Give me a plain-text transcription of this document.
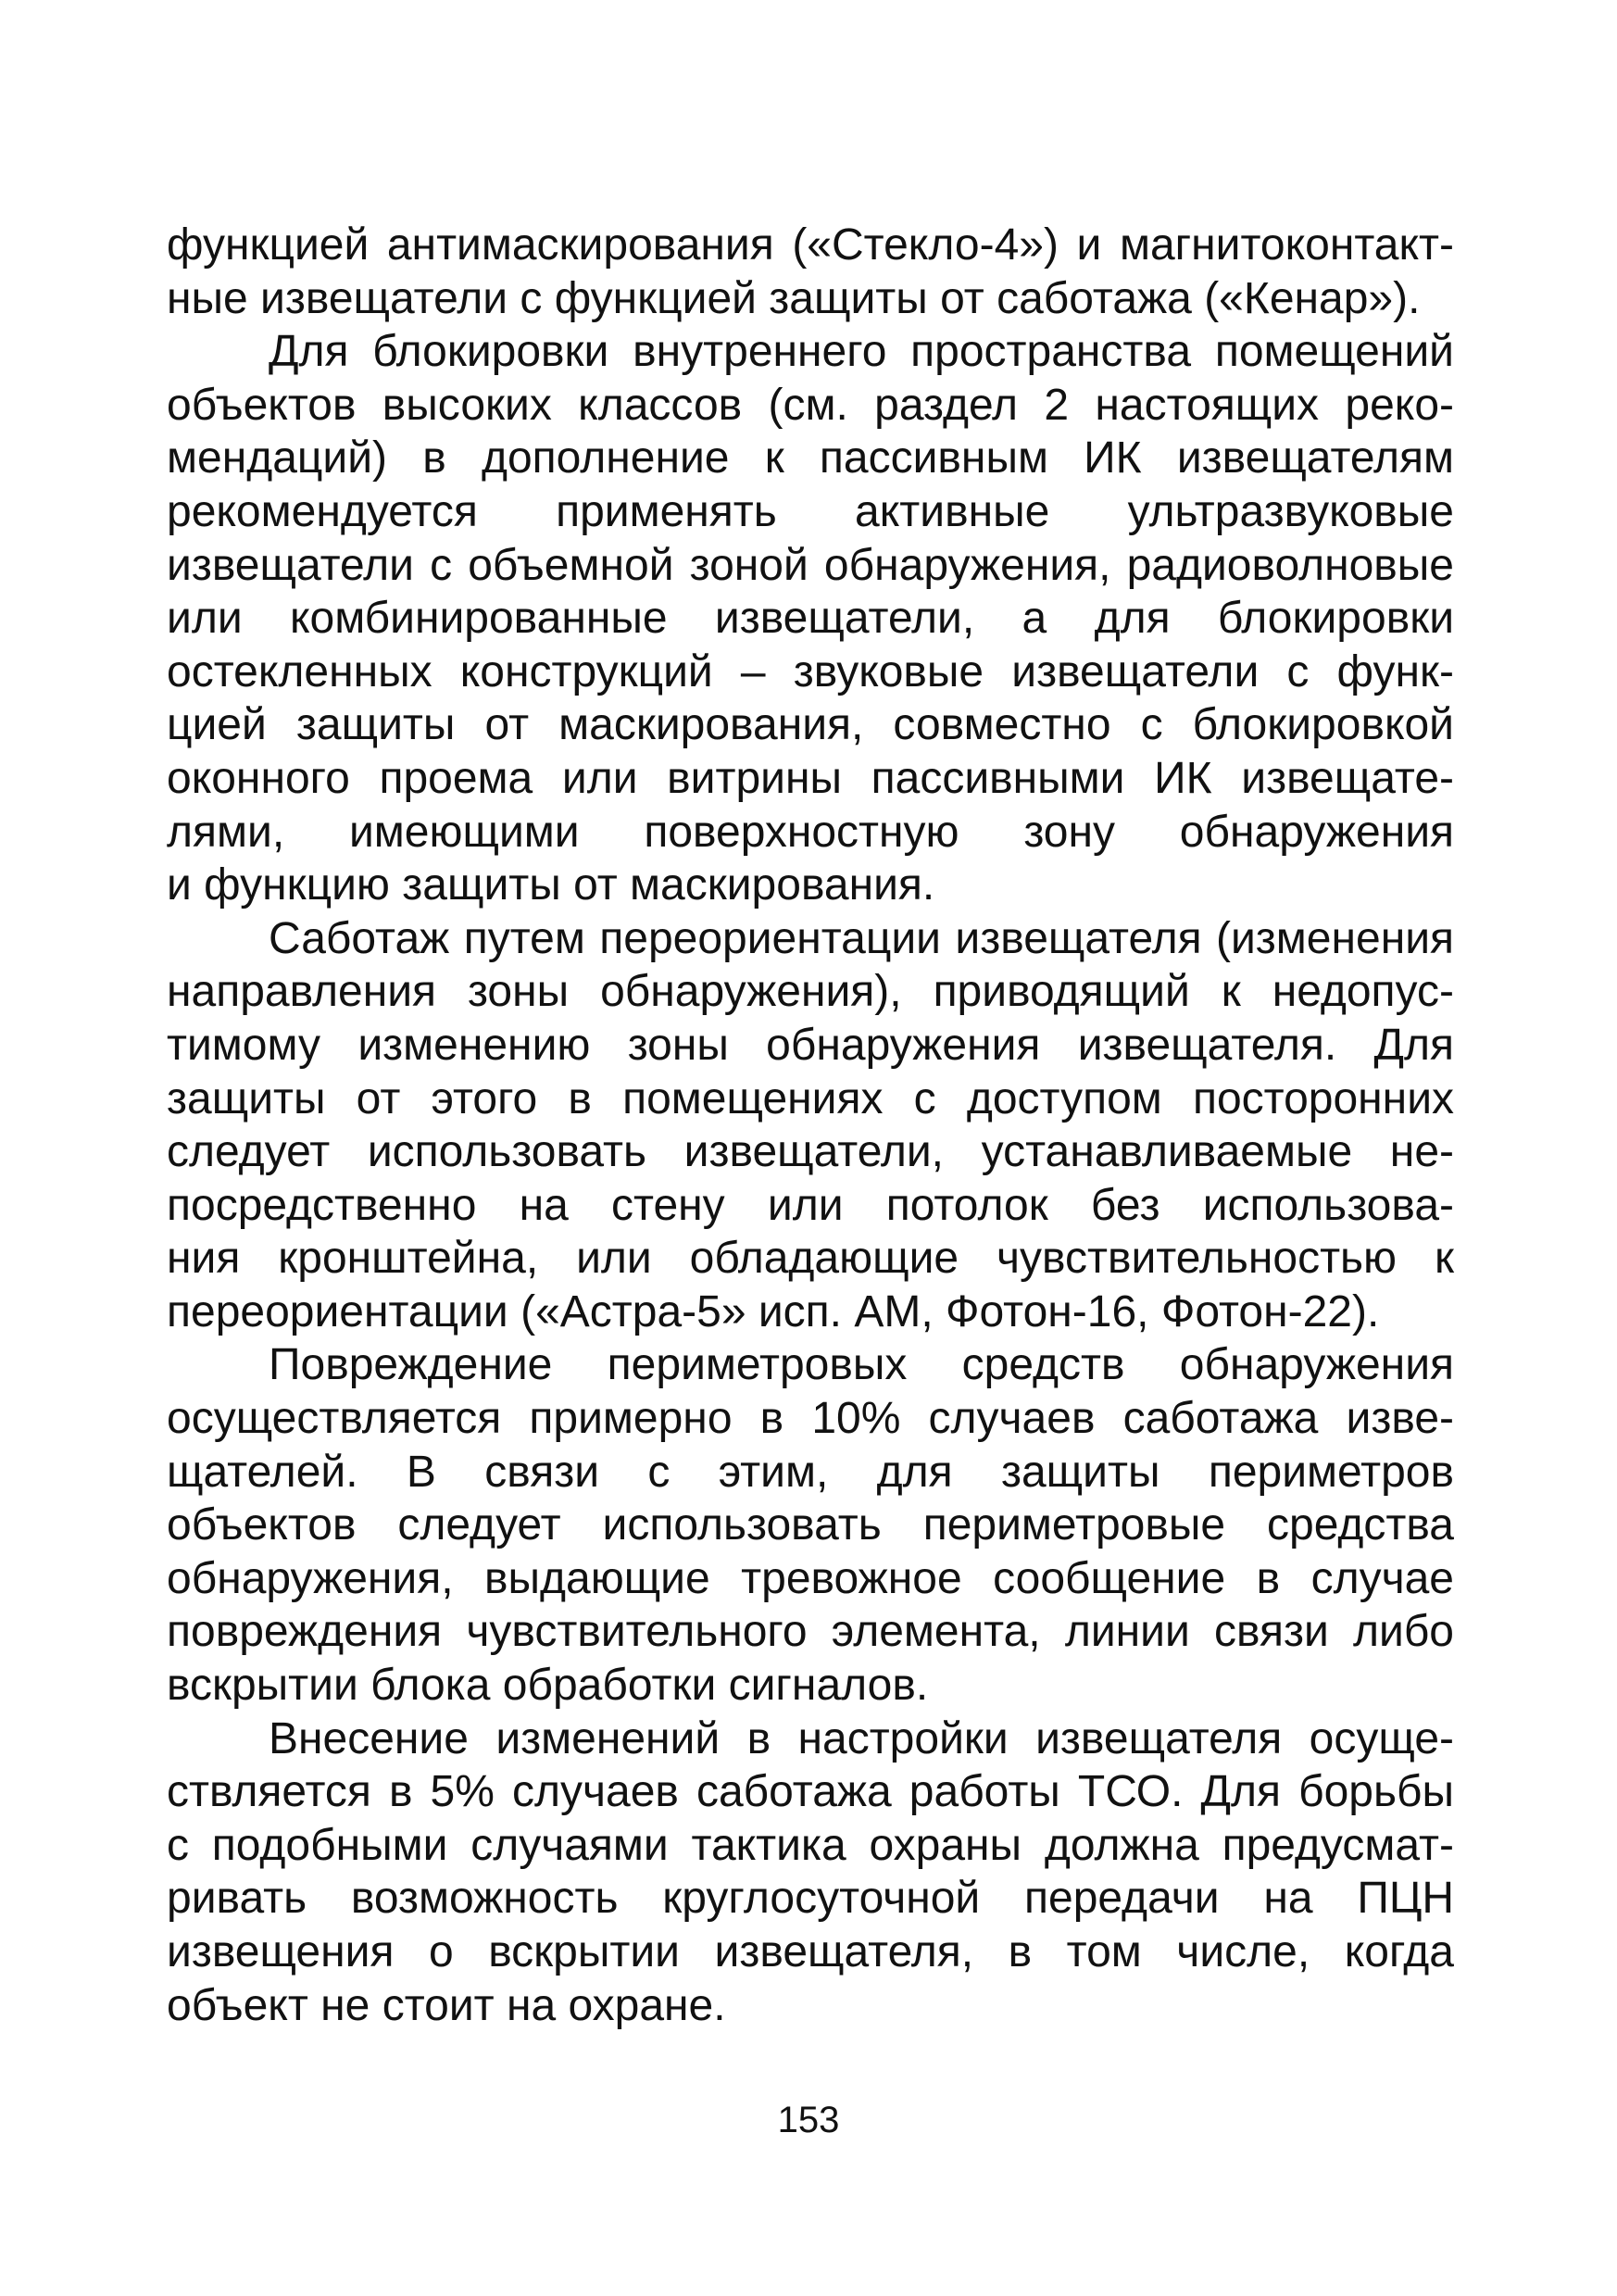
функцией антимаскирования («Стекло-4») и магнитоконтакт-
ные извещатели с функцией защиты от саботажа («Кенар»).
Для блокировки внутреннего пространства помещений
объектов высоких классов (см. раздел 2 настоящих реко-
мендаций) в дополнение к пассивным ИК извещателям
рекомендуется применять активные ультразвуковые
извещатели с объемной зоной обнаружения, радиоволновые
или комбинированные извещатели, а для блокировки
остекленных конструкций – звуковые извещатели с функ-
цией защиты от маскирования, совместно с блокировкой
оконного проема или витрины пассивными ИК извещате-
лями, имеющими поверхностную зону обнаружения
и функцию защиты от маскирования.
Саботаж путем переориентации извещателя (изменения
направления зоны обнаружения), приводящий к недопус-
тимому изменению зоны обнаружения извещателя. Для
защиты от этого в помещениях с доступом посторонних
следует использовать извещатели, устанавливаемые не-
посредственно на стену или потолок без использова-
ния кронштейна, или обладающие чувствительностью к
переориентации («Астра-5» исп. АМ, Фотон-16, Фотон-22).
Повреждение периметровых средств обнаружения
осуществляется примерно в 10% случаев саботажа изве-
щателей. В связи с этим, для защиты периметров
объектов следует использовать периметровые средства
обнаружения, выдающие тревожное сообщение в случае
повреждения чувствительного элемента, линии связи либо
вскрытии блока обработки сигналов.
Внесение изменений в настройки извещателя осуще-
ствляется в 5% случаев саботажа работы ТСО. Для борьбы
с подобными случаями тактика охраны должна предусмат-
ривать возможность круглосуточной передачи на ПЦН
извещения о вскрытии извещателя, в том числе, когда
объект не стоит на охране.
153
